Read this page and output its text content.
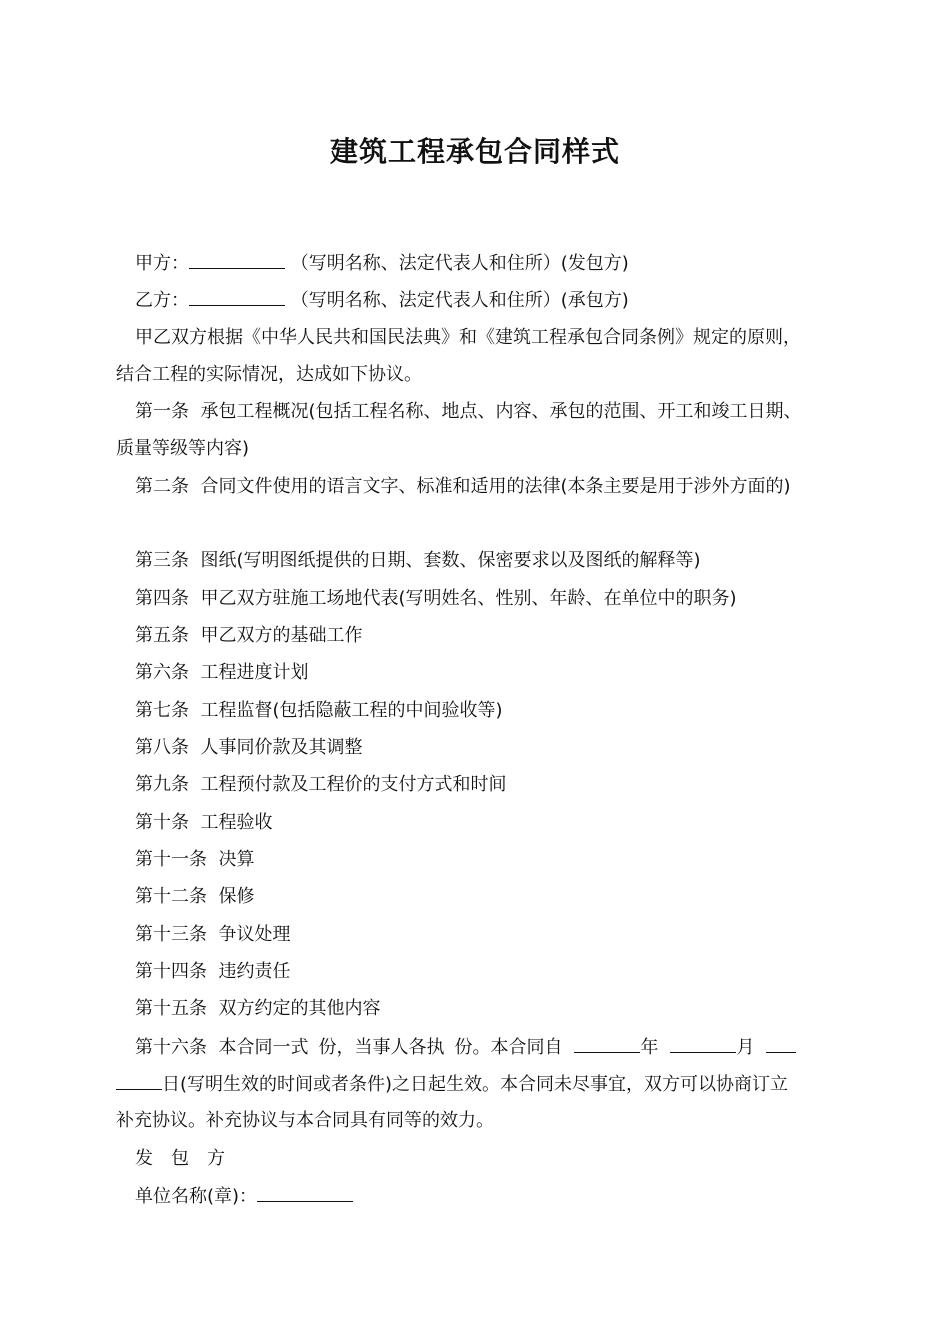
建筑工程承包合同样式
甲方：	（写明名称、法定代表人和住所）(发包方)
乙方：	（写明名称、法定代表人和住所）(承包方)
甲乙双方根据《中华人民共和国民法典》和《建筑工程承包合同条例》规定的原则，
结合工程的实际情况，达成如下协议。
第一条 承包工程概况(包括工程名称、地点、内容、承包的范围、开工和竣工日期、
质量等级等内容)
第二条 合同文件使用的语言文字、标准和适用的法律(本条主要是用于涉外方面的)
第三条 图纸(写明图纸提供的日期、套数、保密要求以及图纸的解释等)
第四条 甲乙双方驻施工场地代表(写明姓名、性别、年龄、在单位中的职务)
第五条 甲乙双方的基础工作
第六条 工程进度计划
第七条 工程监督(包括隐蔽工程的中间验收等)
第八条 人事同价款及其调整
第九条 工程预付款及工程价的支付方式和时间
第十条 工程验收
第十一条 决算
第十二条 保修
第十三条 争议处理
第十四条 违约责任
第十五条 双方约定的其他内容
第十六条 本合同一式 份，当事人各执 份。本合同自	年	月
日(写明生效的时间或者条件)之日起生效。本合同未尽事宜，双方可以协商订立
补充协议。补充协议与本合同具有同等的效力。
发　包　方
单位名称(章)：
